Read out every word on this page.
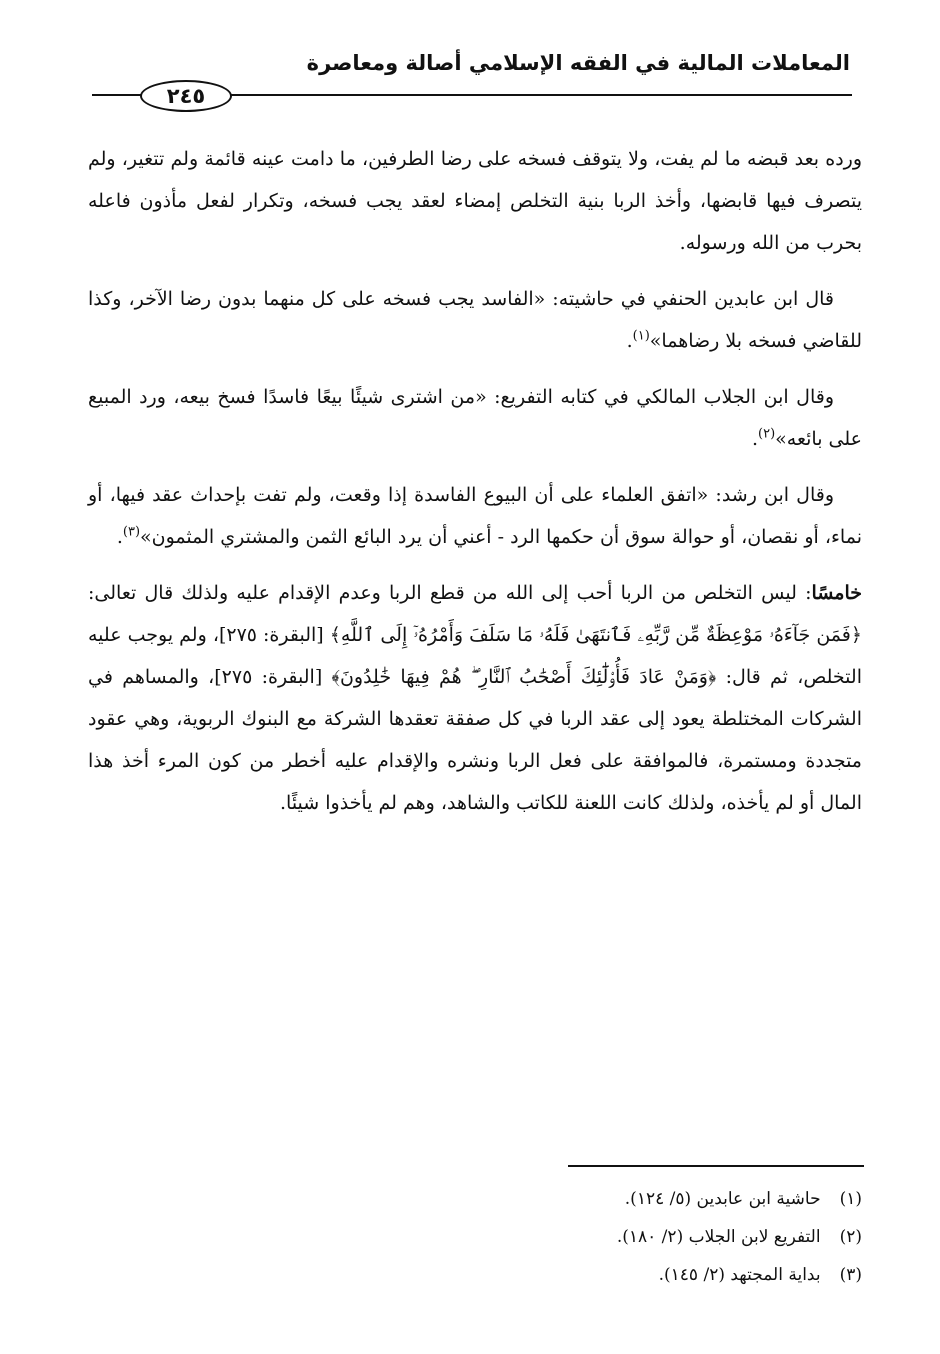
المعاملات المالية في الفقه الإسلامي أصالة ومعاصرة
٢٤٥

ورده بعد قبضه ما لم يفت، ولا يتوقف فسخه على رضا الطرفين، ما دامت عينه قائمة ولم تتغير، ولم يتصرف فيها قابضها، وأخذ الربا بنية التخلص إمضاء لعقد يجب فسخه، وتكرار لفعل مأذون فاعله بحرب من الله ورسوله.

قال ابن عابدين الحنفي في حاشيته: «الفاسد يجب فسخه على كل منهما بدون رضا الآخر، وكذا للقاضي فسخه بلا رضاهما»$^{(١)}$.

وقال ابن الجلاب المالكي في كتابه التفريع: «من اشترى شيئًا بيعًا فاسدًا فسخ بيعه، ورد المبيع على بائعه»$^{(٢)}$.

وقال ابن رشد: «اتفق العلماء على أن البيوع الفاسدة إذا وقعت، ولم تفت بإحداث عقد فيها، أو نماء، أو نقصان، أو حوالة سوق أن حكمها الرد - أعني أن يرد البائع الثمن والمشتري المثمون»$^{(٣)}$.

خامسًا: ليس التخلص من الربا أحب إلى الله من قطع الربا وعدم الإقدام عليه ولذلك قال تعالى: ﴿فَمَن جَآءَهُۥ مَوْعِظَةٌ مِّن رَّبِّهِۦ فَٱنتَهَىٰ فَلَهُۥ مَا سَلَفَ وَأَمْرُهُۥٓ إِلَى ٱللَّهِ﴾ [البقرة: ٢٧٥]، ولم يوجب عليه التخلص، ثم قال: ﴿وَمَنْ عَادَ فَأُو۟لَٰٓئِكَ أَصْحَٰبُ ٱلنَّارِ ۖ هُمْ فِيهَا خَٰلِدُونَ﴾ [البقرة: ٢٧٥]، والمساهم في الشركات المختلطة يعود إلى عقد الربا في كل صفقة تعقدها الشركة مع البنوك الربوية، وهي عقود متجددة ومستمرة، فالموافقة على فعل الربا ونشره والإقدام عليه أخطر من كون المرء أخذ هذا المال أو لم يأخذه، ولذلك كانت اللعنة للكاتب والشاهد، وهم لم يأخذوا شيئًا.

(١) حاشية ابن عابدين (٥/ ١٢٤).
(٢) التفريع لابن الجلاب (٢/ ١٨٠).
(٣) بداية المجتهد (٢/ ١٤٥).
